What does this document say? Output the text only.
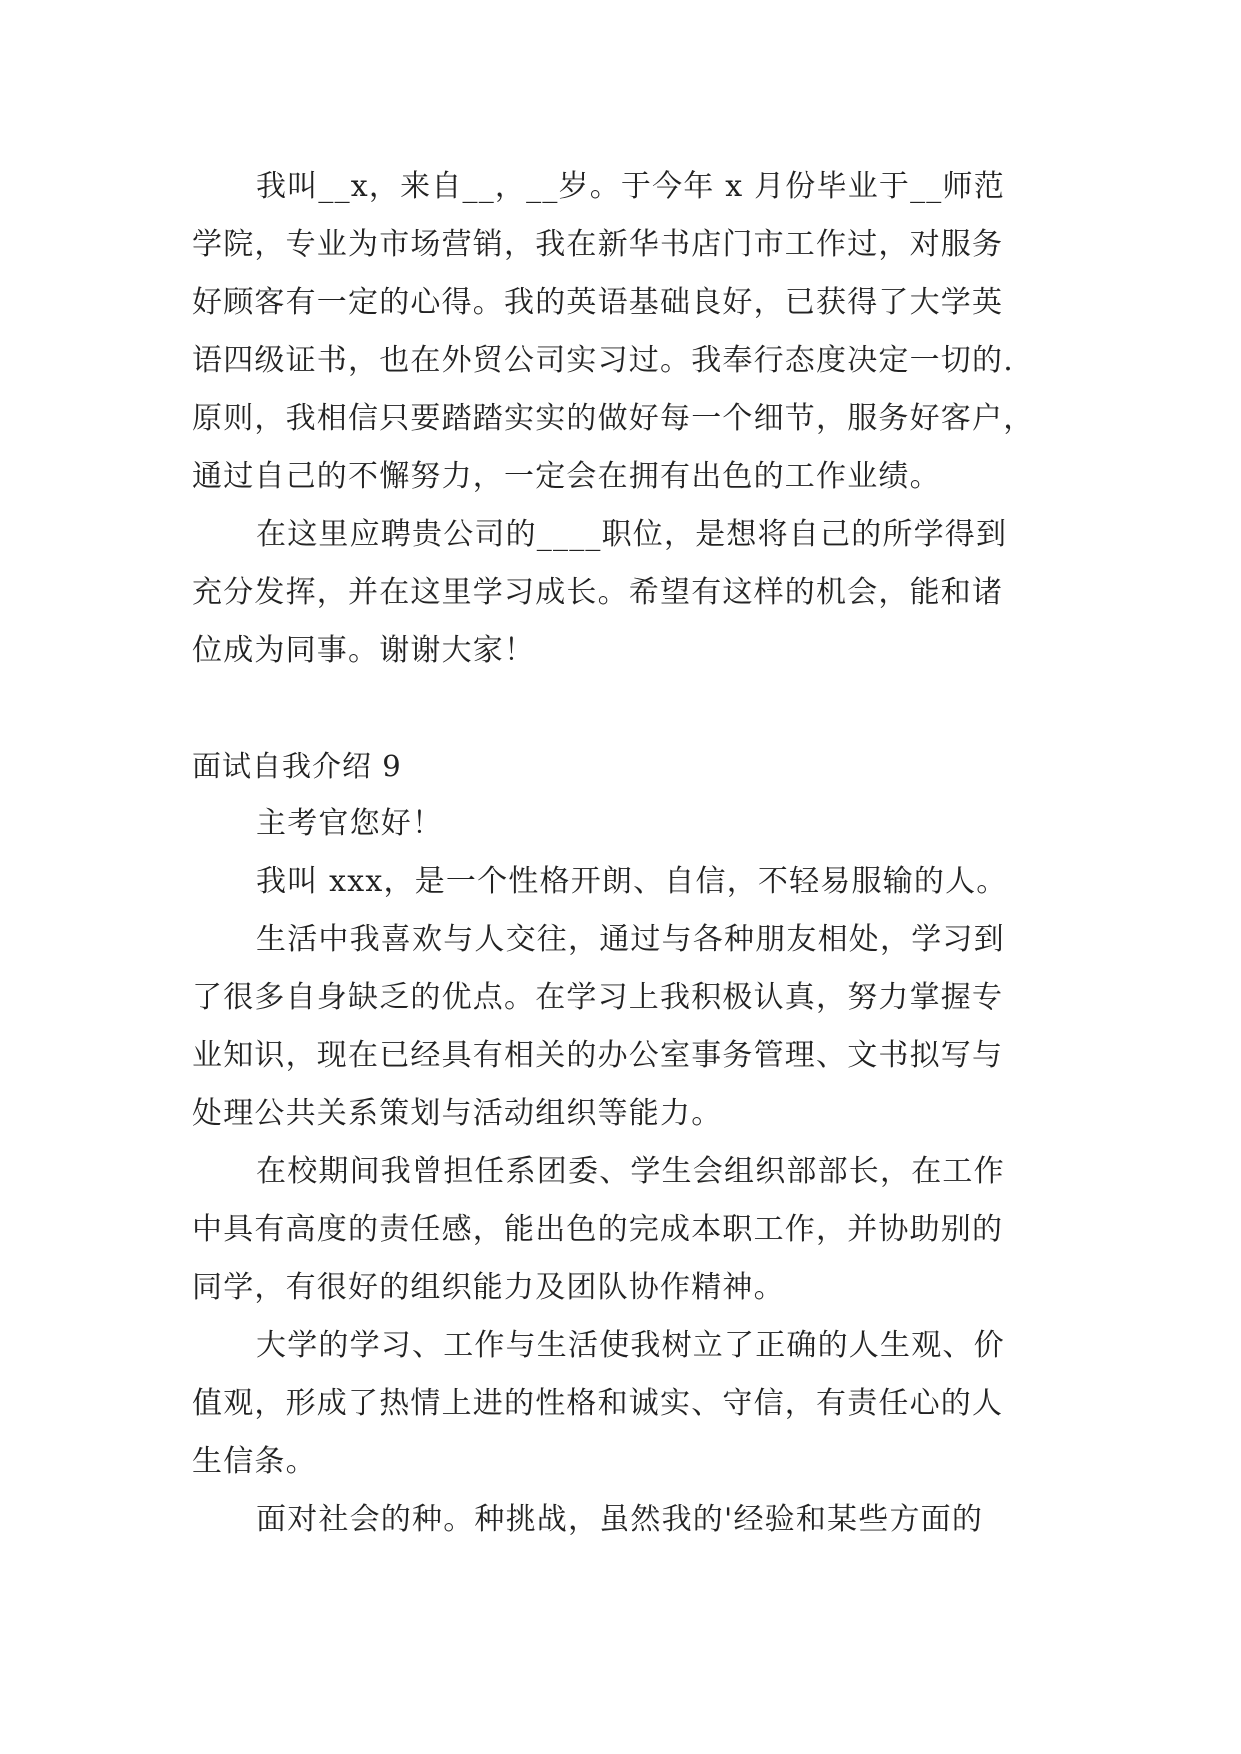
我叫__x，来自__，__岁。于今年 x 月份毕业于__师范
学院，专业为市场营销，我在新华书店门市工作过，对服务
好顾客有一定的心得。我的英语基础良好，已获得了大学英
语四级证书，也在外贸公司实习过。我奉行态度决定一切的.
原则，我相信只要踏踏实实的做好每一个细节，服务好客户，
通过自己的不懈努力，一定会在拥有出色的工作业绩。
在这里应聘贵公司的____职位，是想将自己的所学得到
充分发挥，并在这里学习成长。希望有这样的机会，能和诸
位成为同事。谢谢大家！
面试自我介绍 9
主考官您好！
我叫 xxx，是一个性格开朗、自信，不轻易服输的人。
生活中我喜欢与人交往，通过与各种朋友相处，学习到
了很多自身缺乏的优点。在学习上我积极认真，努力掌握专
业知识，现在已经具有相关的办公室事务管理、文书拟写与
处理公共关系策划与活动组织等能力。
在校期间我曾担任系团委、学生会组织部部长，在工作
中具有高度的责任感，能出色的完成本职工作，并协助别的
同学，有很好的组织能力及团队协作精神。
大学的学习、工作与生活使我树立了正确的人生观、价
值观，形成了热情上进的性格和诚实、守信，有责任心的人
生信条。
面对社会的种。种挑战，虽然我的'经验和某些方面的
